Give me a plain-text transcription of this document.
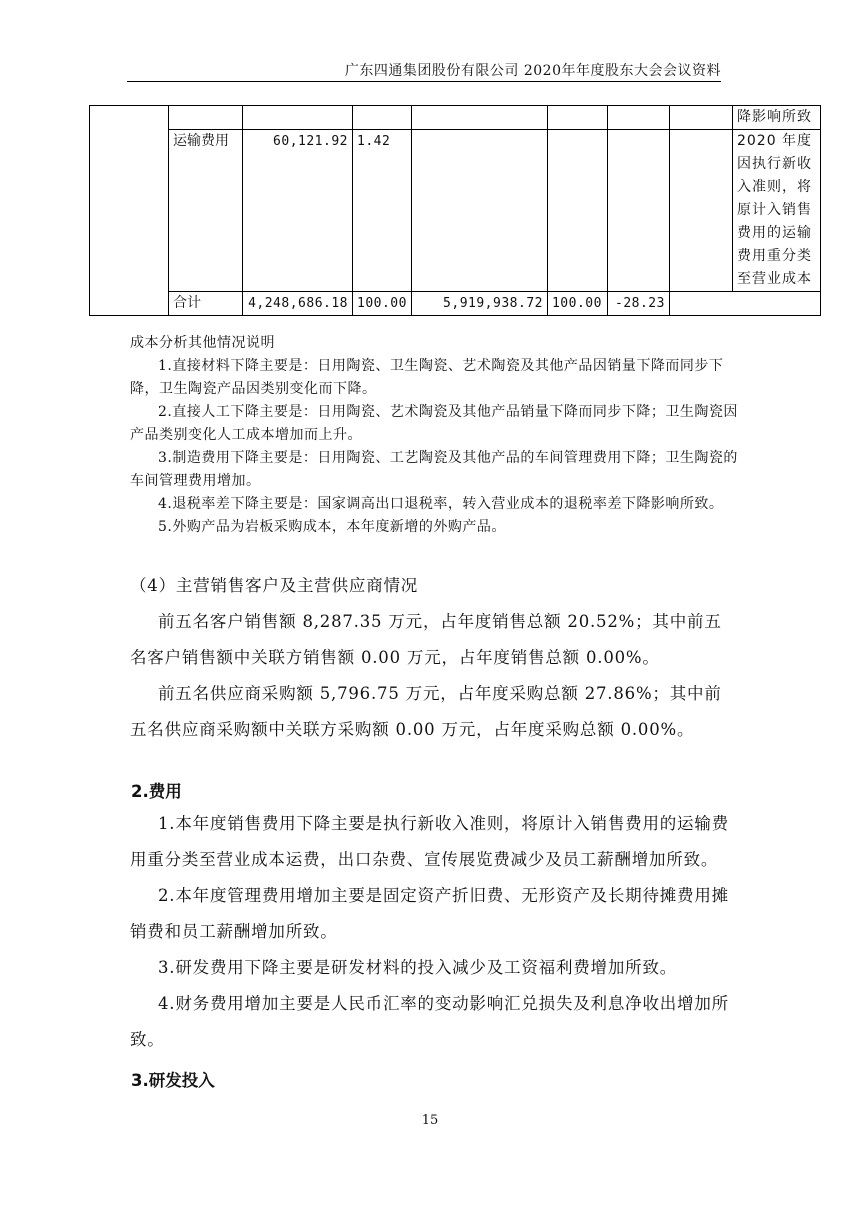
广东四通集团股份有限公司 2020年年度股东大会会议资料
								降影响所致
	运输费用	60,121.92	1.42					2020 年度因执行新收入准则，将原计入销售费用的运输费用重分类至营业成本
	合计	4,248,686.18	100.00	5,919,938.72	100.00	-28.23		

成本分析其他情况说明

1.直接材料下降主要是：日用陶瓷、卫生陶瓷、艺术陶瓷及其他产品因销量下降而同步下降，卫生陶瓷产品因类别变化而下降。

2.直接人工下降主要是：日用陶瓷、艺术陶瓷及其他产品销量下降而同步下降；卫生陶瓷因产品类别变化人工成本增加而上升。

3.制造费用下降主要是：日用陶瓷、工艺陶瓷及其他产品的车间管理费用下降；卫生陶瓷的车间管理费用增加。

4.退税率差下降主要是：国家调高出口退税率，转入营业成本的退税率差下降影响所致。

5.外购产品为岩板采购成本，本年度新增的外购产品。

（4）主营销售客户及主营供应商情况

前五名客户销售额 8,287.35 万元，占年度销售总额 20.52%；其中前五名客户销售额中关联方销售额 0.00 万元，占年度销售总额 0.00%。

前五名供应商采购额 5,796.75 万元，占年度采购总额 27.86%；其中前五名供应商采购额中关联方采购额 0.00 万元，占年度采购总额 0.00%。

2.费用

1.本年度销售费用下降主要是执行新收入准则，将原计入销售费用的运输费用重分类至营业成本运费，出口杂费、宣传展览费减少及员工薪酬增加所致。

2.本年度管理费用增加主要是固定资产折旧费、无形资产及长期待摊费用摊销费和员工薪酬增加所致。

3.研发费用下降主要是研发材料的投入减少及工资福利费增加所致。

4.财务费用增加主要是人民币汇率的变动影响汇兑损失及利息净收出增加所致。

3.研发投入
15
